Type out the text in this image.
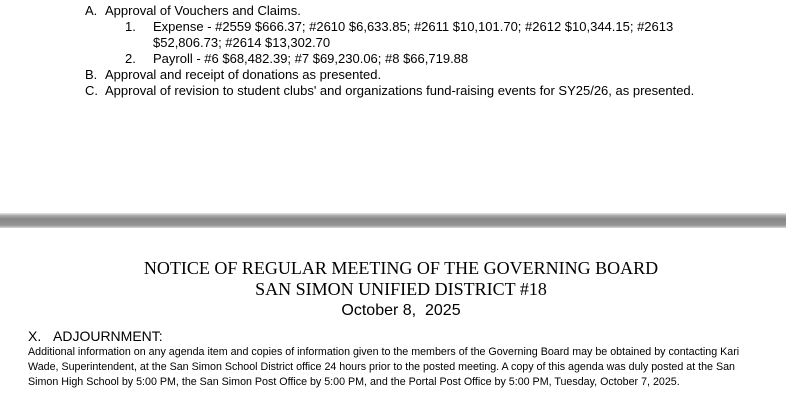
A. Approval of Vouchers and Claims.
1.	Expense - #2559 $666.37; #2610 $6,633.85; #2611 $10,101.70; #2612 $10,344.15; #2613
$52,806.73; #2614 $13,302.70
2.	Payroll - #6 $68,482.39; #7 $69,230.06; #8 $66,719.88
B. Approval and receipt of donations as presented.
C. Approval of revision to student clubs' and organizations fund-raising events for SY25/26, as presented.
NOTICE OF REGULAR MEETING OF THE GOVERNING BOARD
SAN SIMON UNIFIED DISTRICT #18
October 8,  2025
X. ADJOURNMENT:
Additional information on any agenda item and copies of information given to the members of the Governing Board may be obtained by contacting Kari
Wade, Superintendent, at the San Simon School District office 24 hours prior to the posted meeting. A copy of this agenda was duly posted at the San
Simon High School by 5:00 PM, the San Simon Post Office by 5:00 PM, and the Portal Post Office by 5:00 PM, Tuesday, October 7, 2025.
